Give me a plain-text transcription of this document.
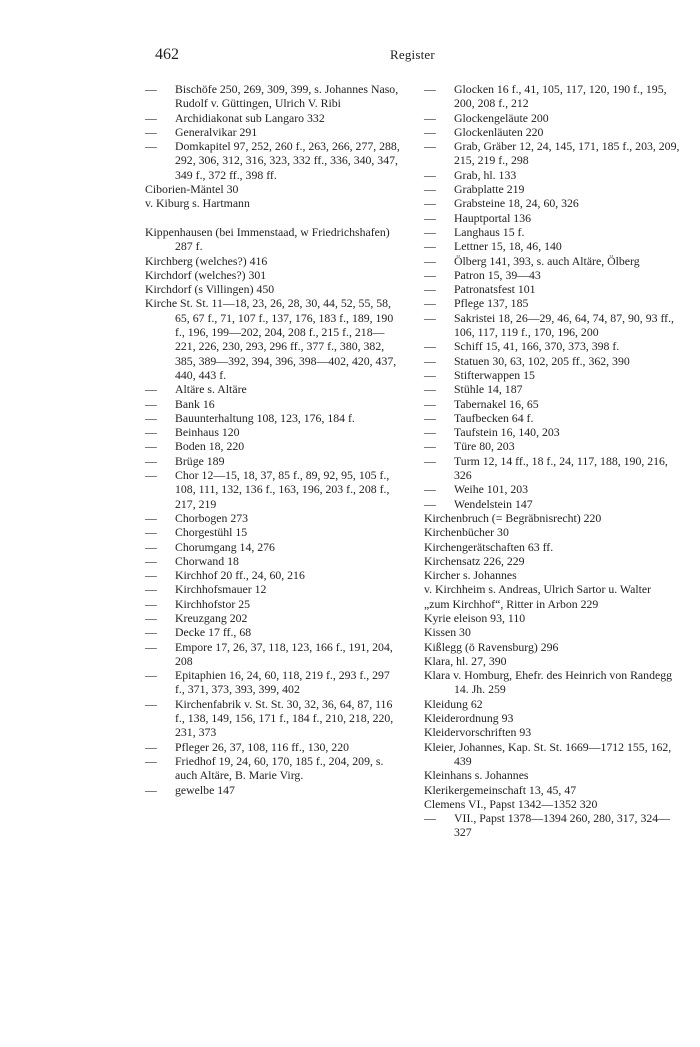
462	Register
— Bischöfe 250, 269, 309, 399, s. Johannes Naso, Rudolf v. Güttingen, Ulrich V. Ribi
— Archidiakonat sub Langaro 332
— Generalvikar 291
— Domkapitel 97, 252, 260 f., 263, 266, 277, 288, 292, 306, 312, 316, 323, 332 ff., 336, 340, 347, 349 f., 372 ff., 398 ff.
Ciborien-Mäntel 30
v. Kiburg s. Hartmann
Kippenhausen (bei Immenstaad, w Friedrichshafen) 287 f.
Kirchberg (welches?) 416
Kirchdorf (welches?) 301
Kirchdorf (s Villingen) 450
Kirche St. St. 11—18, 23, 26, 28, 30, 44, 52, 55, 58, 65, 67 f., 71, 107 f., 137, 176, 183 f., 189, 190 f., 196, 199—202, 204, 208 f., 215 f., 218—221, 226, 230, 293, 296 ff., 377 f., 380, 382, 385, 389—392, 394, 396, 398—402, 420, 437, 440, 443 f.
— Altäre s. Altäre
— Bank 16
— Bauunterhaltung 108, 123, 176, 184 f.
— Beinhaus 120
— Boden 18, 220
— Brüge 189
— Chor 12—15, 18, 37, 85 f., 89, 92, 95, 105 f., 108, 111, 132, 136 f., 163, 196, 203 f., 208 f., 217, 219
— Chorbogen 273
— Chorgestühl 15
— Chorumgang 14, 276
— Chorwand 18
— Kirchhof 20 ff., 24, 60, 216
— Kirchhofsmauer 12
— Kirchhofstor 25
— Kreuzgang 202
— Decke 17 ff., 68
— Empore 17, 26, 37, 118, 123, 166 f., 191, 204, 208
— Epitaphien 16, 24, 60, 118, 219 f., 293 f., 297 f., 371, 373, 393, 399, 402
— Kirchenfabrik v. St. St. 30, 32, 36, 64, 87, 116 f., 138, 149, 156, 171 f., 184 f., 210, 218, 220, 231, 373
— Pfleger 26, 37, 108, 116 ff., 130, 220
— Friedhof 19, 24, 60, 170, 185 f., 204, 209, s. auch Altäre, B. Marie Virg.
— gewelbe 147
— Glocken 16 f., 41, 105, 117, 120, 190 f., 195, 200, 208 f., 212
— Glockengeläute 200
— Glockenläuten 220
— Grab, Gräber 12, 24, 145, 171, 185 f., 203, 209, 215, 219 f., 298
— Grab, hl. 133
— Grabplatte 219
— Grabsteine 18, 24, 60, 326
— Hauptportal 136
— Langhaus 15 f.
— Lettner 15, 18, 46, 140
— Ölberg 141, 393, s. auch Altäre, Ölberg
— Patron 15, 39—43
— Patronatsfest 101
— Pflege 137, 185
— Sakristei 18, 26—29, 46, 64, 74, 87, 90, 93 ff., 106, 117, 119 f., 170, 196, 200
— Schiff 15, 41, 166, 370, 373, 398 f.
— Statuen 30, 63, 102, 205 ff., 362, 390
— Stifterwappen 15
— Stühle 14, 187
— Tabernakel 16, 65
— Taufbecken 64 f.
— Taufstein 16, 140, 203
— Türe 80, 203
— Turm 12, 14 ff., 18 f., 24, 117, 188, 190, 216, 326
— Weihe 101, 203
— Wendelstein 147
Kirchenbruch (= Begräbnisrecht) 220
Kirchenbücher 30
Kirchengerätschaften 63 ff.
Kirchensatz 226, 229
Kircher s. Johannes
v. Kirchheim s. Andreas, Ulrich Sartor u. Walter
„zum Kirchhof“, Ritter in Arbon 229
Kyrie eleison 93, 110
Kissen 30
Kißlegg (ö Ravensburg) 296
Klara, hl. 27, 390
Klara v. Homburg, Ehefr. des Heinrich von Randegg 14. Jh. 259
Kleidung 62
Kleiderordnung 93
Kleidervorschriften 93
Kleier, Johannes, Kap. St. St. 1669—1712 155, 162, 439
Kleinhans s. Johannes
Klerikergemeinschaft 13, 45, 47
Clemens VI., Papst 1342—1352 320
— VII., Papst 1378—1394 260, 280, 317, 324—327
